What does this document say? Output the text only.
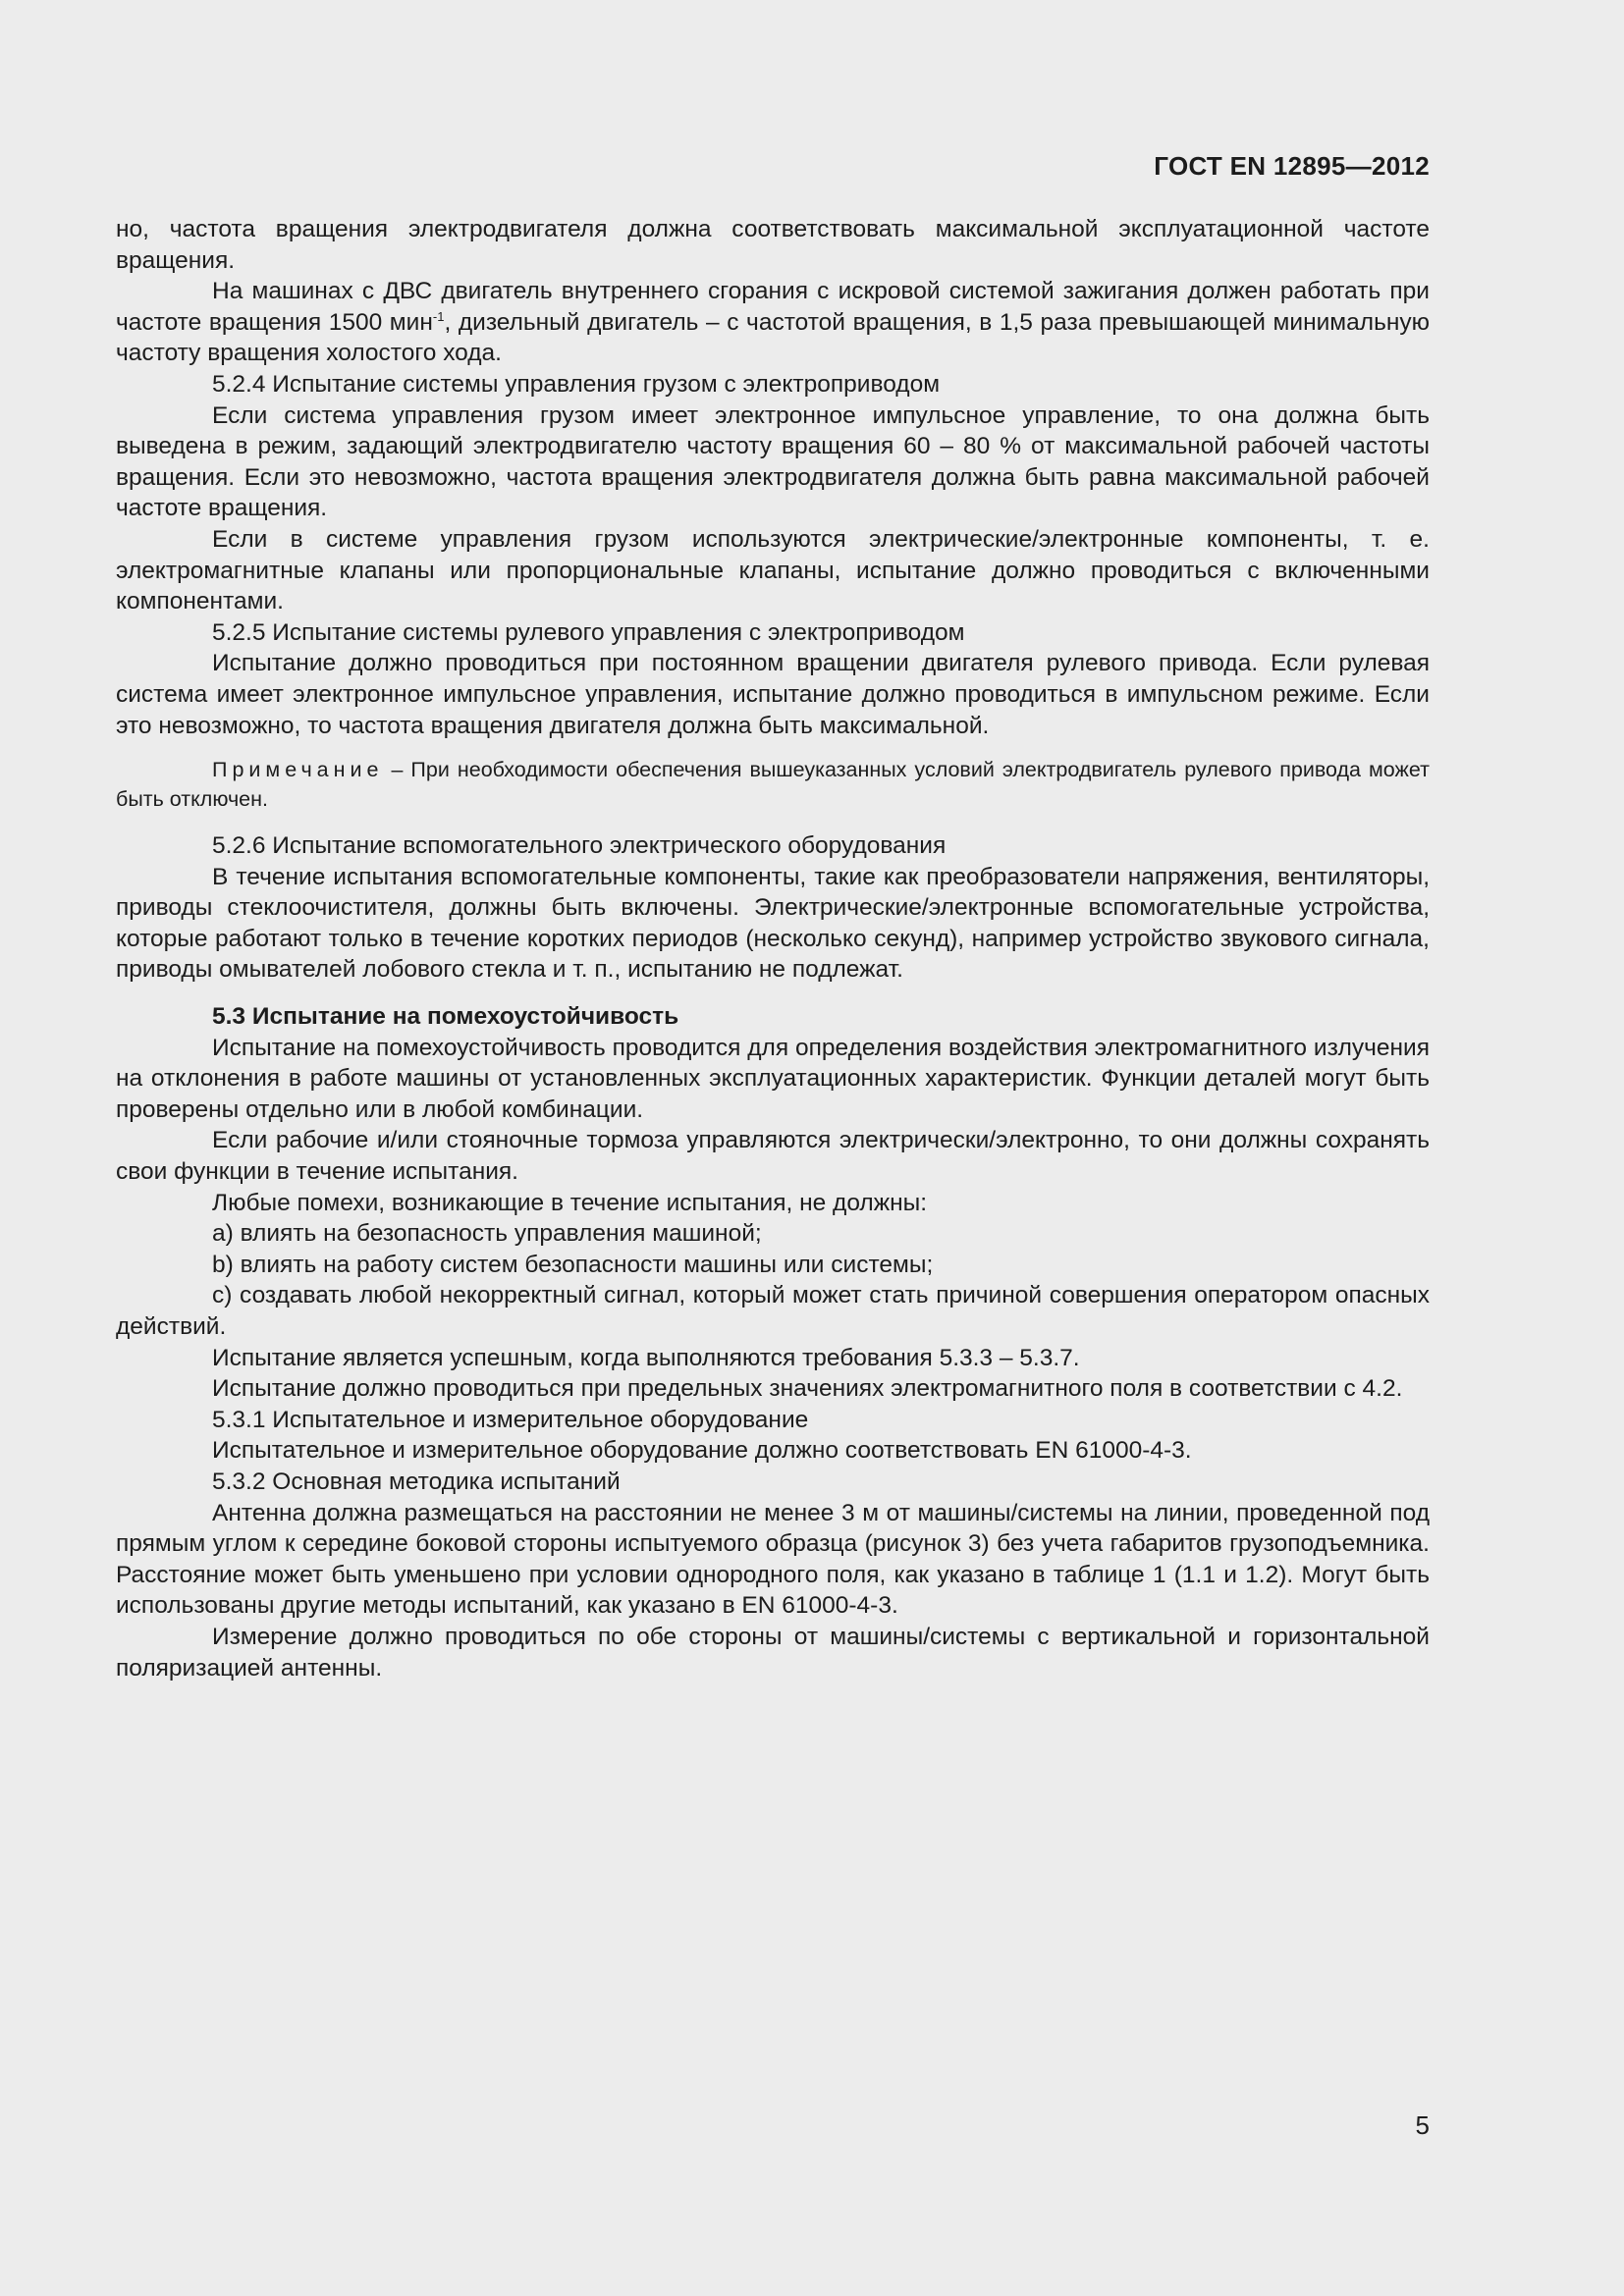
ГОСТ EN 12895—2012

но, частота вращения электродвигателя должна соответствовать максимальной эксплуатационной частоте вращения.

На машинах с ДВС двигатель внутреннего сгорания с искровой системой зажигания должен работать при частоте вращения 1500 мин$^{-1}$, дизельный двигатель – с частотой вращения, в 1,5 раза превышающей минимальную частоту вращения холостого хода.

5.2.4 Испытание системы управления грузом с электроприводом

Если система управления грузом имеет электронное импульсное управление, то она должна быть выведена в режим, задающий электродвигателю частоту вращения 60 – 80 % от максимальной рабочей частоты вращения. Если это невозможно, частота вращения электродвигателя должна быть равна максимальной рабочей частоте вращения.

Если в системе управления грузом используются электрические/электронные компоненты, т. е. электромагнитные клапаны или пропорциональные клапаны, испытание должно проводиться с включенными компонентами.

5.2.5 Испытание системы рулевого управления с электроприводом

Испытание должно проводиться при постоянном вращении двигателя рулевого привода. Если рулевая система имеет электронное импульсное управления, испытание должно проводиться в импульсном режиме. Если это невозможно, то частота вращения двигателя должна быть максимальной.

Примечание – При необходимости обеспечения вышеуказанных условий электродвигатель рулевого привода может быть отключен.

5.2.6 Испытание вспомогательного электрического оборудования

В течение испытания вспомогательные компоненты, такие как преобразователи напряжения, вентиляторы, приводы стеклоочистителя, должны быть включены. Электрические/электронные вспомогательные устройства, которые работают только в течение коротких периодов (несколько секунд), например устройство звукового сигнала, приводы омывателей лобового стекла и т. п., испытанию не подлежат.

5.3 Испытание на помехоустойчивость

Испытание на помехоустойчивость проводится для определения воздействия электромагнитного излучения на отклонения в работе машины от установленных эксплуатационных характеристик. Функции деталей могут быть проверены отдельно или в любой комбинации.

Если рабочие и/или стояночные тормоза управляются электрически/электронно, то они должны сохранять свои функции в течение испытания.

Любые помехи, возникающие в течение испытания, не должны:

a) влиять на безопасность управления машиной;

b) влиять на работу систем безопасности машины или системы;

c) создавать любой некорректный сигнал, который может стать причиной совершения оператором опасных действий.

Испытание является успешным, когда выполняются требования 5.3.3 – 5.3.7.

Испытание должно проводиться при предельных значениях электромагнитного поля в соответствии с 4.2.

5.3.1 Испытательное и измерительное оборудование

Испытательное и измерительное оборудование должно соответствовать EN 61000-4-3.

5.3.2 Основная методика испытаний

Антенна должна размещаться на расстоянии не менее 3 м от машины/системы на линии, проведенной под прямым углом к середине боковой стороны испытуемого образца (рисунок 3) без учета габаритов грузоподъемника. Расстояние может быть уменьшено при условии однородного поля, как указано в таблице 1 (1.1 и 1.2). Могут быть использованы другие методы испытаний, как указано в EN 61000-4-3.

Измерение должно проводиться по обе стороны от машины/системы с вертикальной и горизонтальной поляризацией антенны.

5
